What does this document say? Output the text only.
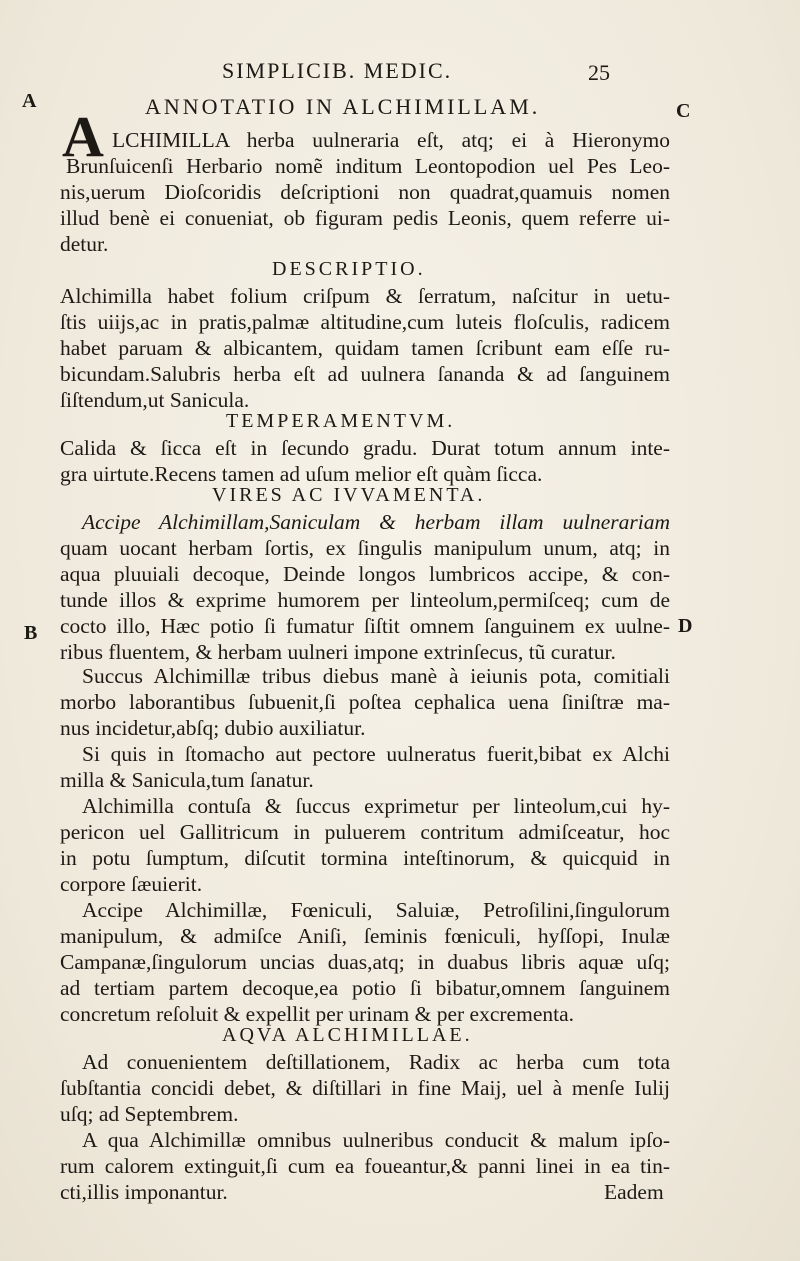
SIMPLICIB. MEDIC.	25
A	C
B	D
ANNOTATIO IN ALCHIMILLAM.
A LCHIMILLA herba uulneraria eſt, atq; ei à Hieronymo
Brunſuicenſi Herbario nomẽ inditum Leontopodion uel Pes Leo-
nis,uerum Dioſcoridis deſcriptioni non quadrat,quamuis nomen
illud benè ei conueniat, ob figuram pedis Leonis, quem referre ui-
detur.
DESCRIPTIO.
Alchimilla habet folium criſpum & ſerratum, naſcitur in uetu-
ſtis uiijs,ac in pratis,palmæ altitudine,cum luteis floſculis, radicem
habet paruam & albicantem, quidam tamen ſcribunt eam eſſe ru-
bicundam.Salubris herba eſt ad uulnera ſananda & ad ſanguinem
ſiſtendum,ut Sanicula.
TEMPERAMENTVM.
Calida & ſicca eſt in ſecundo gradu. Durat totum annum inte-
gra uirtute.Recens tamen ad uſum melior eſt quàm ſicca.
VIRES AC IVVAMENTA.
Accipe Alchimillam,Saniculam & herbam illam uulnerariam
quam uocant herbam ſortis, ex ſingulis manipulum unum, atq; in
aqua pluuiali decoque, Deinde longos lumbricos accipe, & con-
tunde illos & exprime humorem per linteolum,permiſceq; cum de
cocto illo, Hæc potio ſi fumatur ſiſtit omnem ſanguinem ex uulne-
ribus fluentem, & herbam uulneri impone extrinſecus, tũ curatur.
Succus Alchimillæ tribus diebus manè à ieiunis pota, comitiali
morbo laborantibus ſubuenit,ſi poſtea cephalica uena ſiniſtræ ma-
nus incidetur,abſq; dubio auxiliatur.
Si quis in ſtomacho aut pectore uulneratus fuerit,bibat ex Alchi
milla & Sanicula,tum ſanatur.
Alchimilla contuſa & ſuccus exprimetur per linteolum,cui hy-
pericon uel Gallitricum in puluerem contritum admiſceatur, hoc
in potu ſumptum, diſcutit tormina inteſtinorum, & quicquid in
corpore ſæuierit.
Accipe Alchimillæ, Fœniculi, Saluiæ, Petroſilini,ſingulorum
manipulum, & admiſce Aniſi, ſeminis fœniculi, hyſſopi, Inulæ
Campanæ,ſingulorum uncias duas,atq; in duabus libris aquæ uſq;
ad tertiam partem decoque,ea potio ſi bibatur,omnem ſanguinem
concretum reſoluit & expellit per urinam & per excrementa.
AQVA ALCHIMILLAE.
Ad conuenientem deſtillationem, Radix ac herba cum tota
ſubſtantia concidi debet, & diſtillari in fine Maij, uel à menſe Iulij
uſq; ad Septembrem.
A qua Alchimillæ omnibus uulneribus conducit & malum ipſo-
rum calorem extinguit,ſi cum ea foueantur,& panni linei in ea tin-
cti,illis imponantur.	Eadem
